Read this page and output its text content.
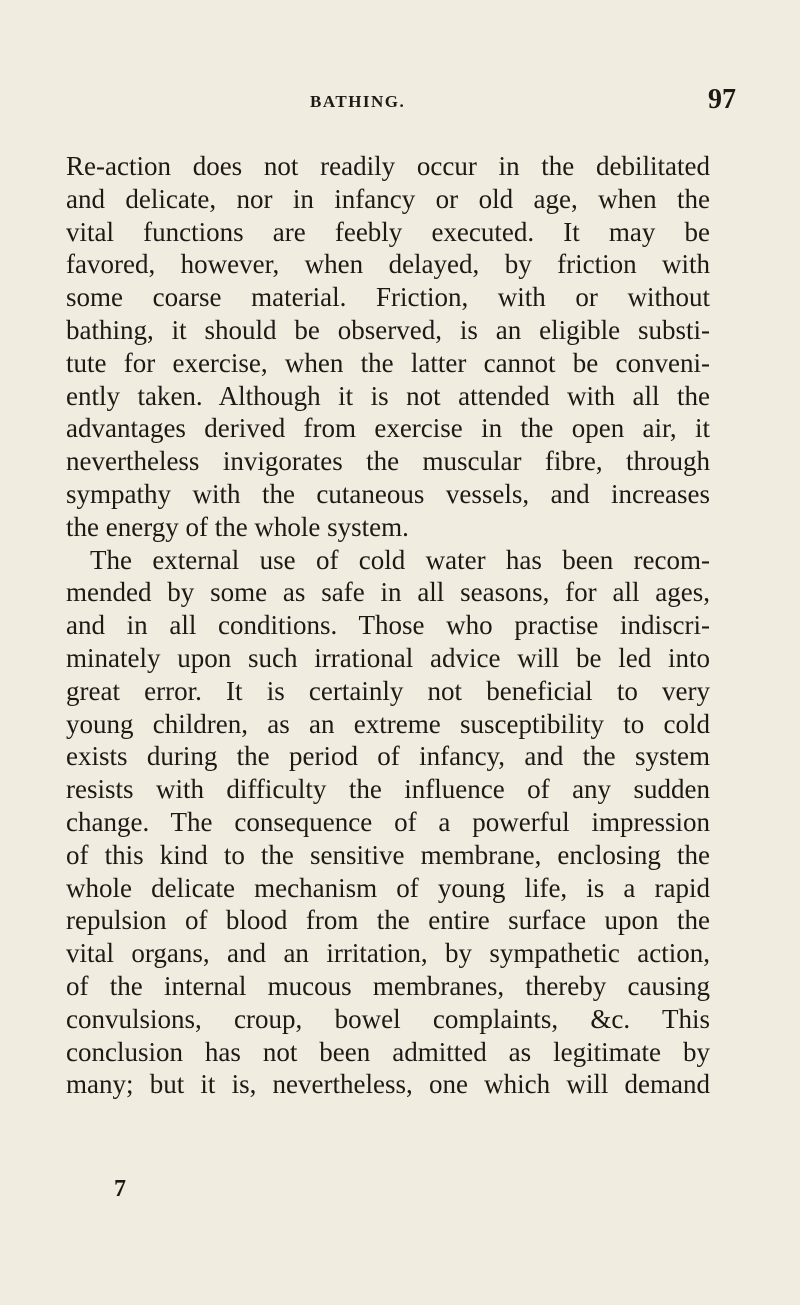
BATHING.	97
Re-action does not readily occur in the debilitated
and delicate, nor in infancy or old age, when the
vital functions are feebly executed. It may be
favored, however, when delayed, by friction with
some coarse material. Friction, with or without
bathing, it should be observed, is an eligible substi-
tute for exercise, when the latter cannot be conveni-
ently taken. Although it is not attended with all the
advantages derived from exercise in the open air, it
nevertheless invigorates the muscular fibre, through
sympathy with the cutaneous vessels, and increases
the energy of the whole system.
The external use of cold water has been recom-
mended by some as safe in all seasons, for all ages,
and in all conditions. Those who practise indiscri-
minately upon such irrational advice will be led into
great error. It is certainly not beneficial to very
young children, as an extreme susceptibility to cold
exists during the period of infancy, and the system
resists with difficulty the influence of any sudden
change. The consequence of a powerful impression
of this kind to the sensitive membrane, enclosing the
whole delicate mechanism of young life, is a rapid
repulsion of blood from the entire surface upon the
vital organs, and an irritation, by sympathetic action,
of the internal mucous membranes, thereby causing
convulsions, croup, bowel complaints, &c. This
conclusion has not been admitted as legitimate by
many; but it is, nevertheless, one which will demand
7
